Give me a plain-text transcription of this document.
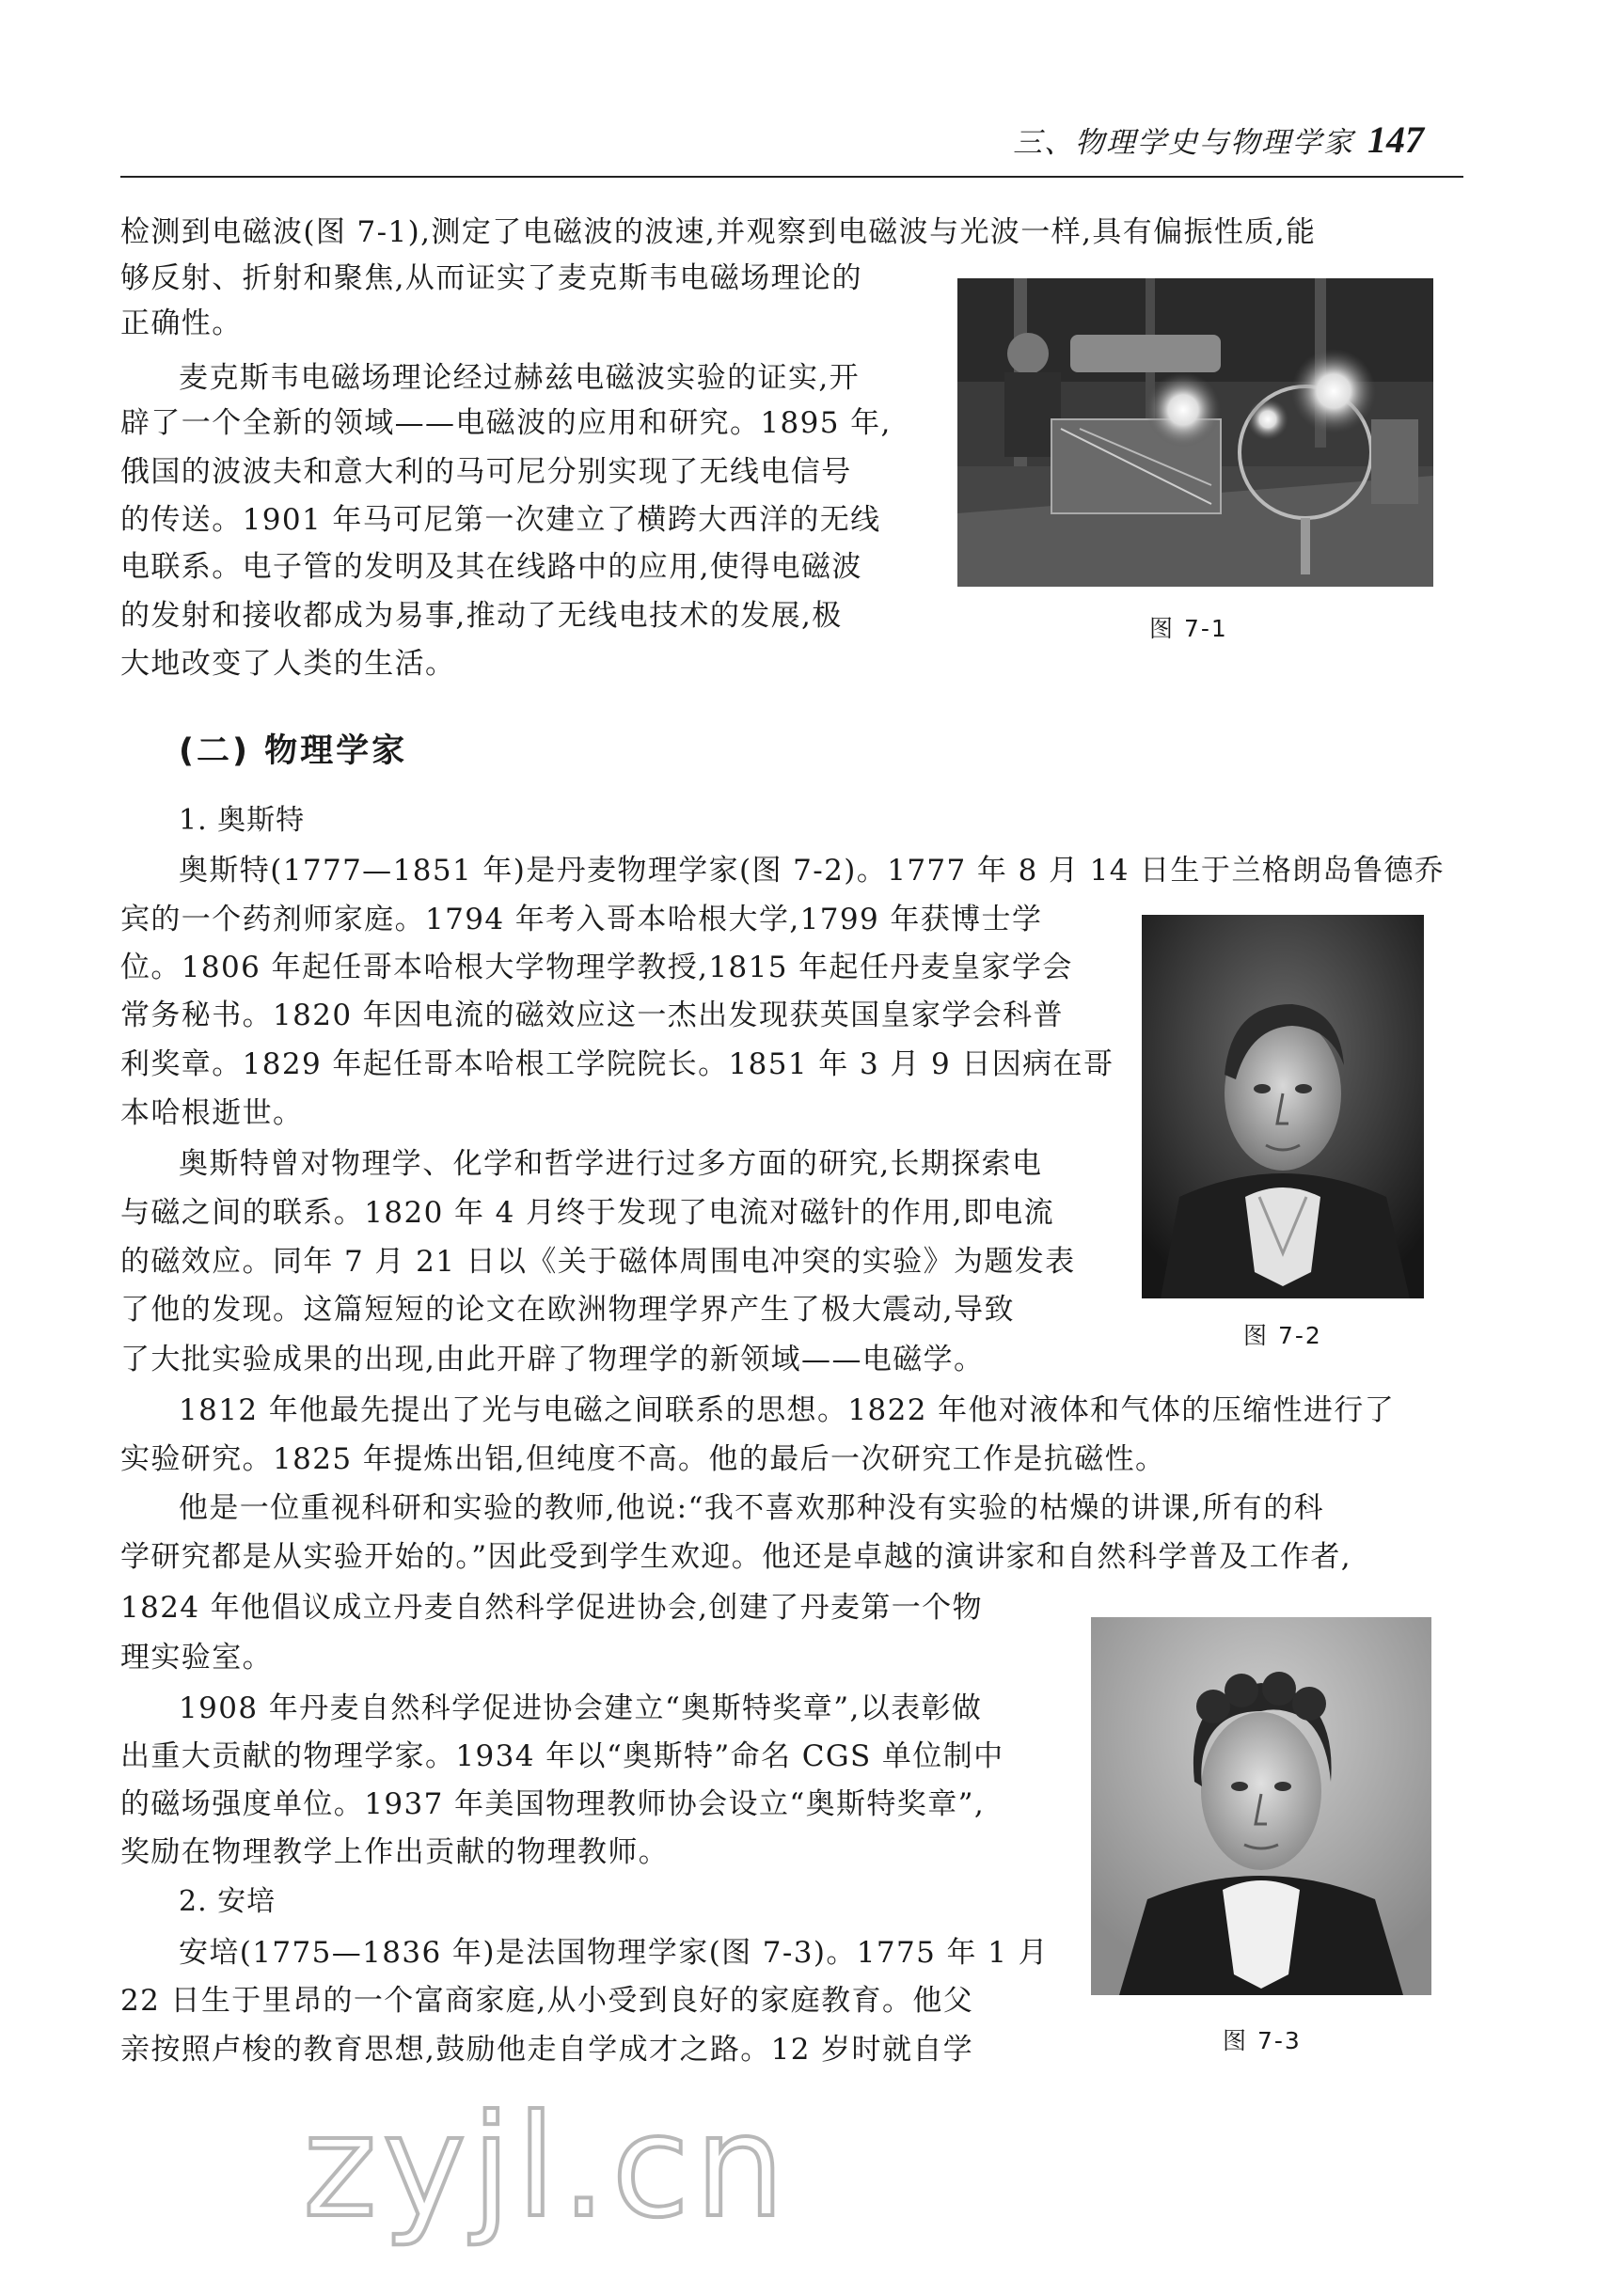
三、物理学史与物理学家 147
检测到电磁波(图 7-1),测定了电磁波的波速,并观察到电磁波与光波一样,具有偏振性质,能
够反射、折射和聚焦,从而证实了麦克斯韦电磁场理论的
正确性。
麦克斯韦电磁场理论经过赫兹电磁波实验的证实,开
辟了一个全新的领域——电磁波的应用和研究。1895 年,
俄国的波波夫和意大利的马可尼分别实现了无线电信号
的传送。1901 年马可尼第一次建立了横跨大西洋的无线
电联系。电子管的发明及其在线路中的应用,使得电磁波
的发射和接收都成为易事,推动了无线电技术的发展,极
大地改变了人类的生活。
图 7-1
(二) 物理学家
1. 奥斯特
奥斯特(1777—1851 年)是丹麦物理学家(图 7-2)。1777 年 8 月 14 日生于兰格朗岛鲁德乔
宾的一个药剂师家庭。1794 年考入哥本哈根大学,1799 年获博士学
位。1806 年起任哥本哈根大学物理学教授,1815 年起任丹麦皇家学会
常务秘书。1820 年因电流的磁效应这一杰出发现获英国皇家学会科普
利奖章。1829 年起任哥本哈根工学院院长。1851 年 3 月 9 日因病在哥
本哈根逝世。
奥斯特曾对物理学、化学和哲学进行过多方面的研究,长期探索电
与磁之间的联系。1820 年 4 月终于发现了电流对磁针的作用,即电流
的磁效应。同年 7 月 21 日以《关于磁体周围电冲突的实验》为题发表
了他的发现。这篇短短的论文在欧洲物理学界产生了极大震动,导致
了大批实验成果的出现,由此开辟了物理学的新领域——电磁学。
1812 年他最先提出了光与电磁之间联系的思想。1822 年他对液体和气体的压缩性进行了
实验研究。1825 年提炼出铝,但纯度不高。他的最后一次研究工作是抗磁性。
他是一位重视科研和实验的教师,他说:“我不喜欢那种没有实验的枯燥的讲课,所有的科
学研究都是从实验开始的。”因此受到学生欢迎。他还是卓越的演讲家和自然科学普及工作者,
1824 年他倡议成立丹麦自然科学促进协会,创建了丹麦第一个物
理实验室。
1908 年丹麦自然科学促进协会建立“奥斯特奖章”,以表彰做
出重大贡献的物理学家。1934 年以“奥斯特”命名 CGS 单位制中
的磁场强度单位。1937 年美国物理教师协会设立“奥斯特奖章”,
奖励在物理教学上作出贡献的物理教师。
图 7-2
2. 安培
安培(1775—1836 年)是法国物理学家(图 7-3)。1775 年 1 月
22 日生于里昂的一个富商家庭,从小受到良好的家庭教育。他父
亲按照卢梭的教育思想,鼓励他走自学成才之路。12 岁时就自学	图 7-3
zyjl.cn
